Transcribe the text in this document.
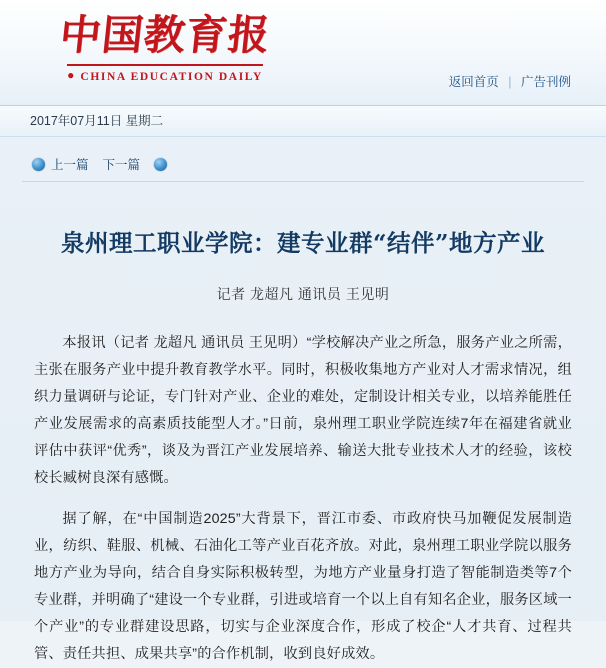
中国教育报
● CHINA EDUCATION DAILY	返回首页 | 广告刊例
2017年07月11日 星期二
上一篇 下一篇
泉州理工职业学院：建专业群“结伴”地方产业
记者 龙超凡 通讯员 王见明

本报讯（记者 龙超凡 通讯员 王见明）“学校解决产业之所急，服务产业之所需，主张在服务产业中提升教育教学水平。同时，积极收集地方产业对人才需求情况，组织力量调研与论证，专门针对产业、企业的难处，定制设计相关专业，以培养能胜任产业发展需求的高素质技能型人才。”日前，泉州理工职业学院连续7年在福建省就业评估中获评“优秀”，谈及为晋江产业发展培养、输送大批专业技术人才的经验，该校校长臧树良深有感慨。

据了解，在“中国制造2025”大背景下，晋江市委、市政府快马加鞭促发展制造业，纺织、鞋服、机械、石油化工等产业百花齐放。对此，泉州理工职业学院以服务地方产业为导向，结合自身实际积极转型，为地方产业量身打造了智能制造类等7个专业群，并明确了“建设一个专业群，引进或培育一个以上自有知名企业，服务区域一个产业”的专业群建设思路，切实与企业深度合作，形成了校企“人才共育、过程共管、责任共担、成果共享”的合作机制，收到良好成效。
